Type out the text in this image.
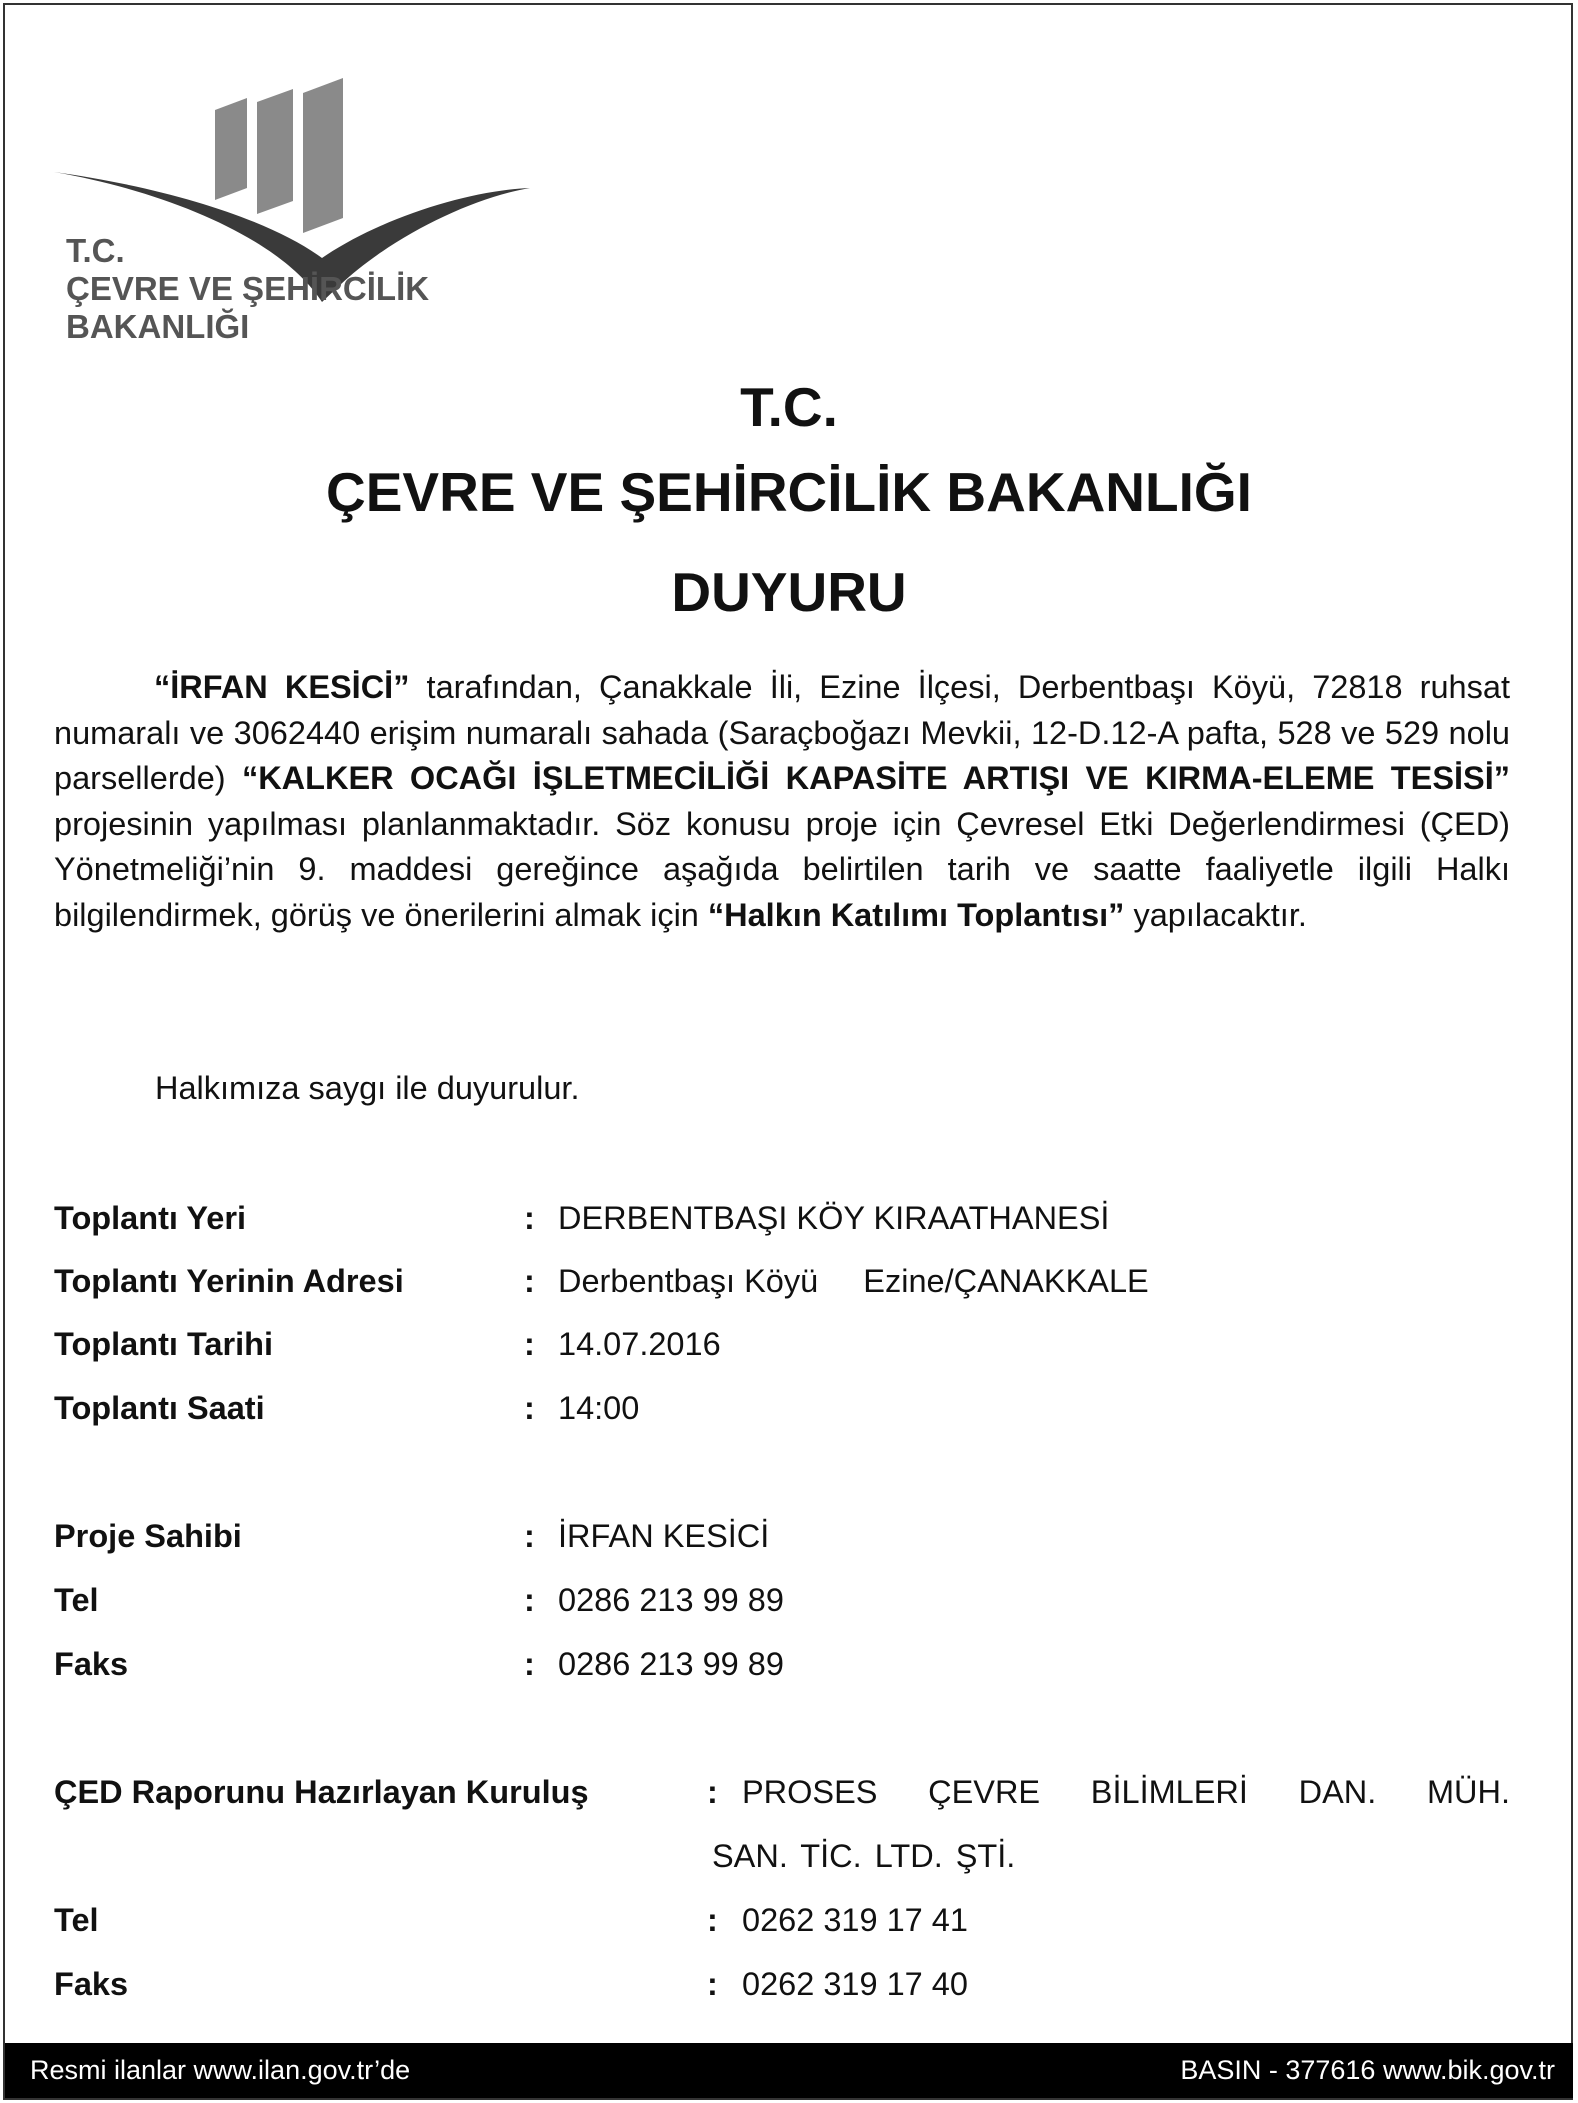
T.C.
ÇEVRE VE ŞEHİRCİLİK
BAKANLIĞI
T.C.
ÇEVRE VE ŞEHİRCİLİK BAKANLIĞI
DUYURU

“İRFAN KESİCİ” tarafından, Çanakkale İli, Ezine İlçesi, Derbentbaşı Köyü, 72818 ruhsat numaralı ve 3062440 erişim numaralı sahada (Saraçboğazı Mevkii, 12-D.12-A pafta, 528 ve 529 nolu parsellerde) “KALKER OCAĞI İŞLETMECİLİĞİ KAPASİTE ARTIŞI VE KIRMA-ELEME TESİSİ” projesinin yapılması planlanmaktadır. Söz konusu proje için Çevresel Etki Değerlendirmesi (ÇED) Yönetmeliği’nin 9. maddesi gereğince aşağıda belirtilen tarih ve saatte faaliyetle ilgili Halkı bilgilendirmek, görüş ve önerilerini almak için “Halkın Katılımı Toplantısı” yapılacaktır.

Halkımıza saygı ile duyurulur.
Toplantı Yeri	: DERBENTBAŞI KÖY KIRAATHANESİ
Toplantı Yerinin Adresi	: Derbentbaşı Köyü     Ezine/ÇANAKKALE
Toplantı Tarihi	: 14.07.2016
Toplantı Saati	: 14:00
Proje Sahibi	: İRFAN KESİCİ
Tel	: 0286 213 99 89
Faks	: 0286 213 99 89
ÇED Raporunu Hazırlayan Kuruluş	: PROSES ÇEVRE BİLİMLERİ DAN. MÜH.
SAN. TİC. LTD. ŞTİ.
Tel	: 0262 319 17 41
Faks	: 0262 319 17 40
Resmi ilanlar www.ilan.gov.tr’de	BASIN - 377616 www.bik.gov.tr
